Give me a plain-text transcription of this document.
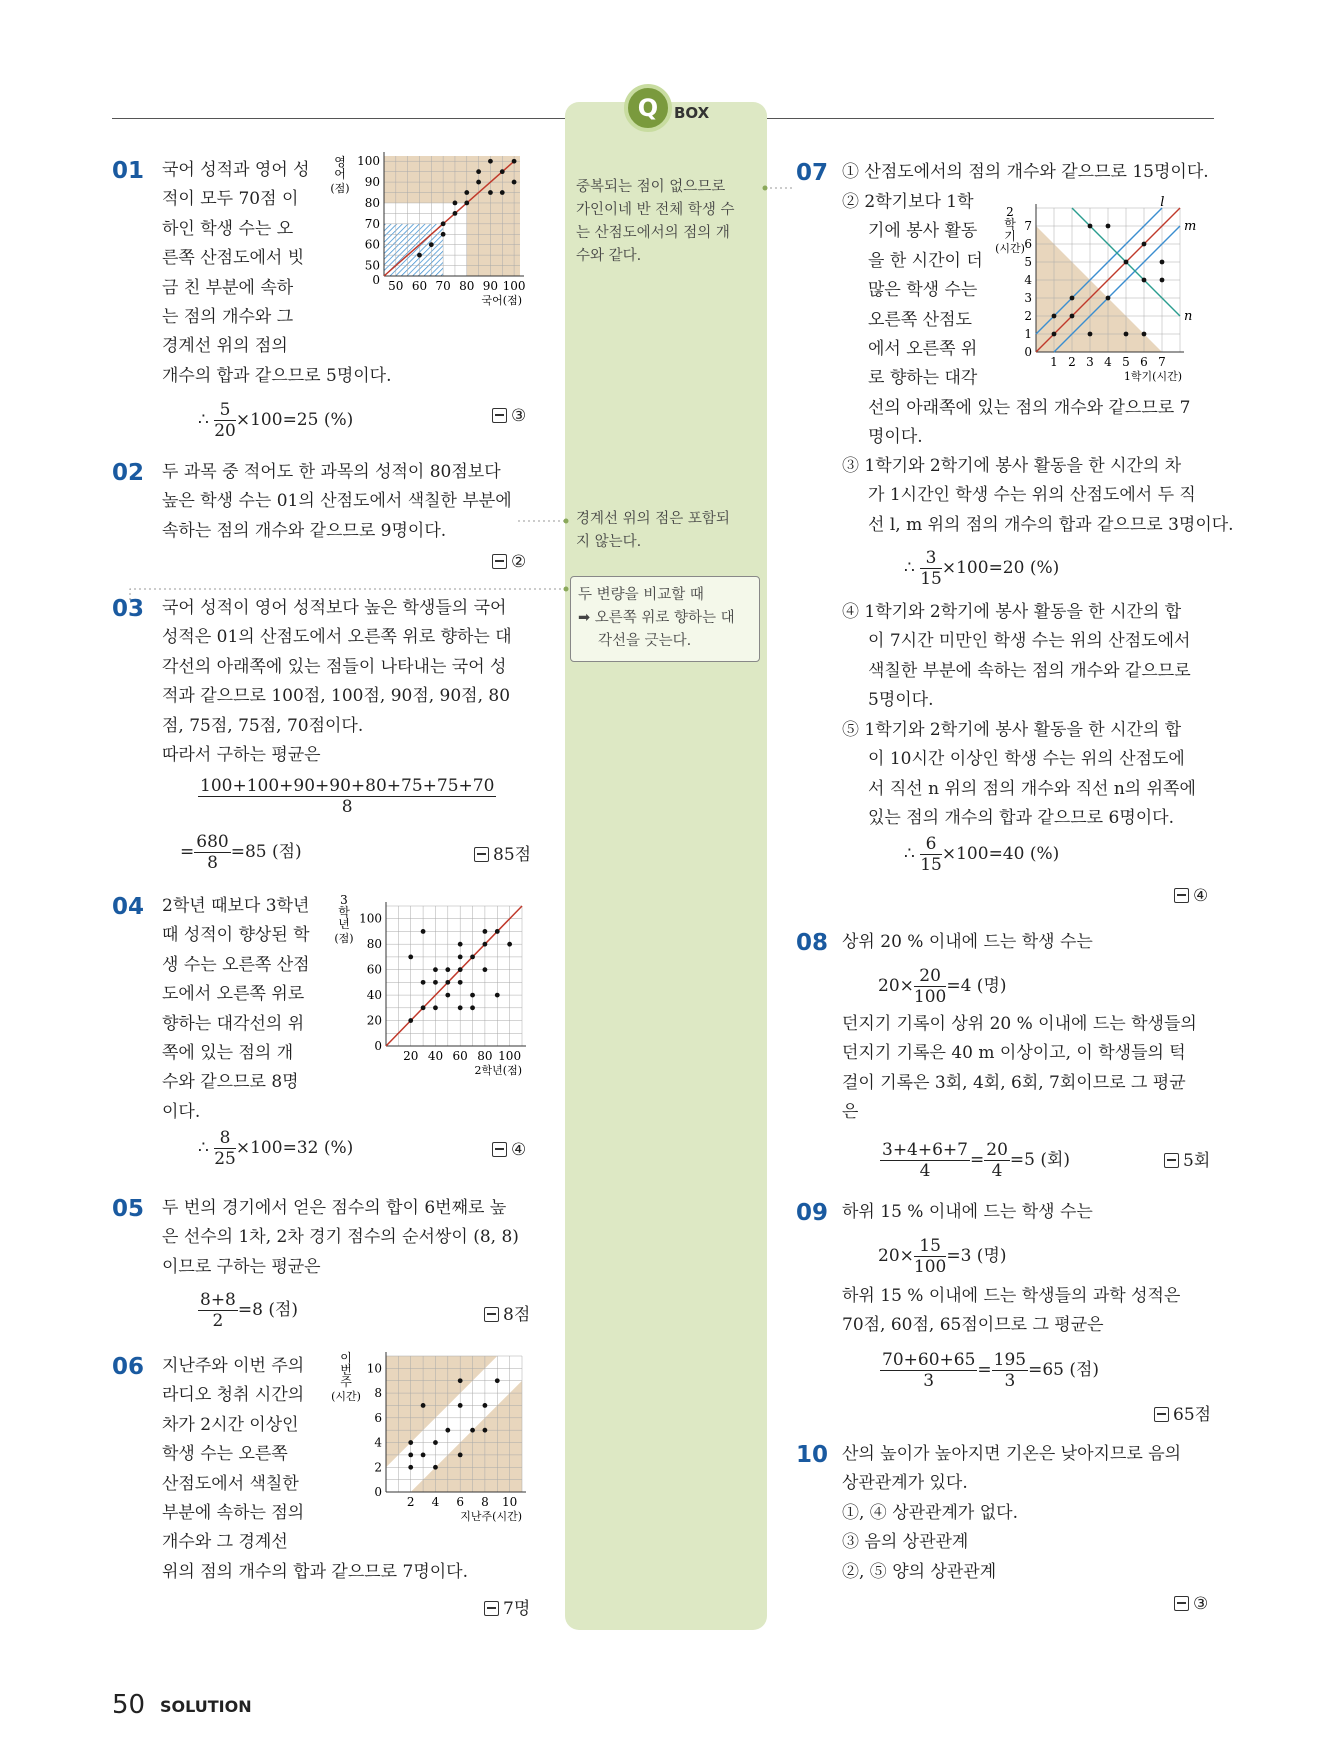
Q	BOX
중복되는 점이 없으므로
가인이네 반 전체 학생 수
는 산점도에서의 점의 개
수와 같다.
경계선 위의 점은 포함되
지 않는다.
두 변량을 비교할 때
➡ 오른쪽 위로 향하는 대
각선을 긋는다.
01 국어 성적과 영어 성
적이 모두 70점 이
하인 학생 수는 오
른쪽 산점도에서 빗
금 친 부분에 속하
는 점의 개수와 그
경계선 위의 점의
개수의 합과 같으므로 5명이다.
∴ $\frac{5}{20} \times 100=25$ (%)	③
100
90
80
70
60
50
0 50 60 70 80 90 100
국어(점)
영
어
(점)
02 두 과목 중 적어도 한 과목의 성적이 80점보다
높은 학생 수는 01의 산점도에서 색칠한 부분에
속하는 점의 개수와 같으므로 9명이다.
②
03 국어 성적이 영어 성적보다 높은 학생들의 국어
성적은 01의 산점도에서 오른쪽 위로 향하는 대
각선의 아래쪽에 있는 점들이 나타내는 국어 성
적과 같으므로 100점, 100점, 90점, 90점, 80
점, 75점, 75점, 70점이다.
따라서 구하는 평균은
$\frac{100+100+90+90+80+75+75+70}{8}$
= $\frac{680}{8} =85$ (점)	85점
04 2학년 때보다 3학년
때 성적이 향상된 학
생 수는 오른쪽 산점
도에서 오른쪽 위로
향하는 대각선의 위
쪽에 있는 점의 개
수와 같으므로 8명
이다.
∴ $\frac{8}{25} \times 100=32$ (%)	④
100
80
60
40
20
0
20 40 60 80 100
2학년(점)
3
학
년
(점)
05 두 번의 경기에서 얻은 점수의 합이 6번째로 높
은 선수의 1차, 2차 경기 점수의 순서쌍이 (8, 8)
이므로 구하는 평균은
$\frac{8+8}{2} =8$ (점)	8점
06 지난주와 이번 주의
라디오 청취 시간의
차가 2시간 이상인
학생 수는 오른쪽
산점도에서 색칠한
부분에 속하는 점의
개수와 그 경계선
위의 점의 개수의 합과 같으므로 7명이다.
7명
10
8
6
4
2
0
2 4 6 8 10
지난주(시간)
이
번
주
(시간)
07 ① 산점도에서의 점의 개수와 같으므로 15명이다.
② 2학기보다 1학
기에 봉사 활동
을 한 시간이 더
많은 학생 수는
오른쪽 산점도
에서 오른쪽 위
로 향하는 대각
선의 아래쪽에 있는 점의 개수와 같으므로 7
명이다.
l
m
n
7
6
5
4
3
2
1
0
1 2 3 4 5 6 7
1학기(시간)
2
학
기
(시간)
③ 1학기와 2학기에 봉사 활동을 한 시간의 차
가 1시간인 학생 수는 위의 산점도에서 두 직
선 l, m 위의 점의 개수의 합과 같으므로 3명이다.
∴ $\frac{3}{15} \times 100=20$ (%)
④ 1학기와 2학기에 봉사 활동을 한 시간의 합
이 7시간 미만인 학생 수는 위의 산점도에서
색칠한 부분에 속하는 점의 개수와 같으므로
5명이다.
⑤ 1학기와 2학기에 봉사 활동을 한 시간의 합
이 10시간 이상인 학생 수는 위의 산점도에
서 직선 n 위의 점의 개수와 직선 n의 위쪽에
있는 점의 개수의 합과 같으므로 6명이다.
∴ $\frac{6}{15} \times 100=40$ (%)
④
08 상위 20 % 이내에 드는 학생 수는
$20\times \frac{20}{100} =4$ (명)
던지기 기록이 상위 20 % 이내에 드는 학생들의
던지기 기록은 40 m 이상이고, 이 학생들의 턱
걸이 기록은 3회, 4회, 6회, 7회이므로 그 평균
은
$\frac{3+4+6+7}{4} = \frac{20}{4} =5$ (회)	5회
09 하위 15 % 이내에 드는 학생 수는
$20\times \frac{15}{100} =3$ (명)
하위 15 % 이내에 드는 학생들의 과학 성적은
70점, 60점, 65점이므로 그 평균은
$\frac{70+60+65}{3} = \frac{195}{3} =65$ (점)
65점
10 산의 높이가 높아지면 기온은 낮아지므로 음의
상관관계가 있다.
①, ④ 상관관계가 없다.
③ 음의 상관관계
②, ⑤ 양의 상관관계
③
50 SOLUTION
